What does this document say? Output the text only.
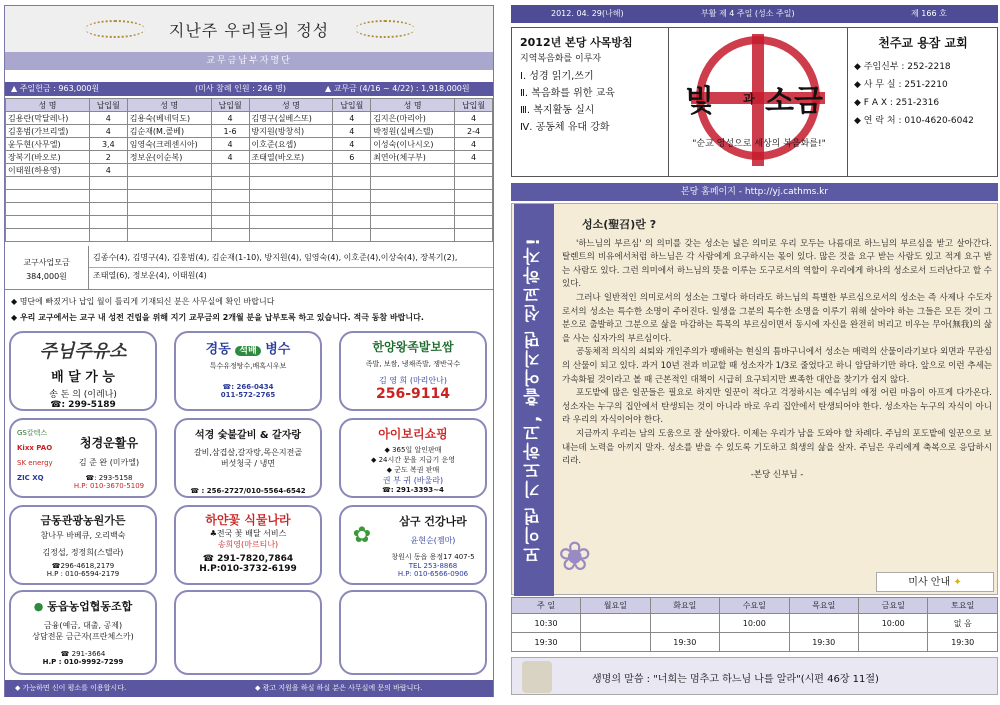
지난주 우리들의 정성
교무금납부자명단
▲ 주일헌금 : 963,000원	(미사 참례 인원 : 246 명)	▲ 교무금 (4/16 ~ 4/22) : 1,918,000원
성 명	납입월	성 명	납입월	성 명	납입월	성 명	납입월
김용란(막달레나)	4	김용숙(베네딕도)	4	김명구(실베스또)	4	김지은(마리아)	4
김홍범(가브리엘)	4	김순재(M.콜베)	1-6	방지원(방창석)	4	박정원(실베스텔)	2-4
윤두현(사무엘)	3,4	임영숙(크레센시아)	4	이호준(요셉)	4	이성숙(이나시오)	4
장복기(바오로)	2	정보운(이순복)	4	조태열(바오로)	6	최연아(체구부)	4
이태원(하용영)	4						

교구사업모금
384,000원
김종수(4), 김명구(4), 김홍범(4), 김순재(1-10), 방지원(4), 임영숙(4), 이호준(4),이상숙(4), 장복기(2),
조태열(6), 정보운(4), 이태원(4)
◆ 명단에 빠졌거나 납입 월이 틀리게 기재되신 분은 사무실에 확인 바랍니다
◆ 우리 교구에서는 교구 내 성전 건립을 위해 지기 교무금의 2개월 분을 납부토록 하고 있습니다. 적극 동참 바랍니다.
주님주유소
배 달 가 능
송 돈 의 (이레나)
☎: 299-5189
경동 석배 병수
특수유정탕수,배혹시우보
☎: 266-0434
011-572-2765
한양왕족발보쌈
족발, 보쌈, 냉채족발, 쟁반국수
김 영 희 (마리안나)
256-9114
GS칼텍스
Kixx PAO
SK energy
ZIC XQ
청경운활유
김 준 완 (미카엘)
☎: 293-5158
H.P: 010-3670-5109
석경 숯불갈비 & 갈자랑
갈비,삼겹살,갈자랑,목은지전골
버섯청국 / 냉면
☎ : 256-2727/010-5564-6542
아이보리쇼핑
◆ 365일 알인판매
◆ 24시간 문을 지급기 운영
◆ 군도 복권 판매
권 부 귀 (바울라)
☎: 291-3393~4
금동관광농원가든
참나무 바베큐, 오리백숙
김정섭, 정정희(스텔라)
☎296-4618,2179
H.P : 010-6594-2179
하얀꽃 식물나라
♣전국 꽃 배달 서비스
송희영(마르티나)
☎ 291-7820,7864
H.P:010-3732-6199
✿
삼구 건강나라
윤현순(젬마)
창원시 동읍 용정17 407-5
TEL 253-8868
H.P: 010-6566-0906
● 동읍농업협동조합
금융(예금, 대출, 공제)
상담전문 금근자(프란체스카)
☎ 291-3664
H.P : 010-9992-7299
◆ 가능하면 신이 평소를 이용합시다.	◆ 광고 지원을 하실 하실 분은 사무실에 문의 바랍니다.
2012. 04. 29(나해)	부활 제 4 주일 (성소 주일)	제 166 호
2012년 본당 사목방침
지역복음화를 이루자
Ⅰ. 성경 읽기,쓰기
Ⅱ. 복음화를 위한 교육
Ⅲ. 복지활동 실시
Ⅳ. 공동체 유대 강화
빛 과 소금
"순교 영성으로 세상의 복음화를!"
천주교 용잠 교회
◆ 주임신부 : 252-2218
◆ 사 무 실 : 251-2210
◆ F A X : 251-2316
◆ 연 락 처 : 010-4620-6042
본당 홈페이지 - http://yj.cathms.kr
모이면 기도하고, 흩어지면 선교하자! ❀
성소(聖召)란 ?

'하느님의 부르심' 의 의미를 갖는 성소는 넓은 의미로 우리 모두는 나름대로 하느님의 부르심을 받고 살아간다. 탈렌트의 비유에서처럼 하느님은 각 사람에게 요구하시는 몫이 있다. 많은 것을 요구 받는 사람도 있고 적게 요구 받는 사람도 있다. 그런 의미에서 하느님의 뜻을 이루는 도구로서의 역할이 우리에게 하나의 성소로서 드러난다고 할 수 있다.

그러나 일반적인 의미로서의 성소는 그렇다 하더라도 하느님의 특별한 부르심으로서의 성소는 즉 사제나 수도자로서의 성소는 특수한 소명이 주어진다. 일생을 그분의 특수한 소명을 이루기 위해 살아야 하는 그들은 모든 것이 그분으로 출발하고 그분으로 삶을 마감하는 특목의 부르심이면서 동시에 자신을 완전히 버리고 비우는 무아(無我)의 삶을 사는 십자가의 부르심이다.

공동체적 의식의 쇠퇴와 개인주의가 팽배하는 현실의 틈바구니에서 성소는 매력의 산물이라기보다 외면과 무관심의 산물이 되고 있다. 과거 10년 전과 비교할 때 성소자가 1/3로 줄었다고 하니 암담하기만 하다. 앞으로 이런 추세는 가속화될 것이라고 볼 때 근본적인 대책이 시급히 요구되지만 뾰족한 대안을 찾기가 쉽지 않다.

포도밭에 많은 일꾼들은 필요로 하지만 일꾼이 적다고 걱정하시는 예수님의 애정 어린 마음이 아프게 다가온다. 성소자는 누구의 집안에서 탄생되는 것이 아니라 바로 우리 집안에서 탄생되어야 한다. 성소자는 누구의 자식이 아니라 우리의 자식이어야 한다.

지금까지 우리는 남의 도움으로 잘 살아왔다. 이제는 우리가 남을 도와야 할 차례다. 주님의 포도밭에 일꾼으로 보내는데 노력을 아끼지 말자. 성소를 받을 수 있도록 기도하고 희생의 삶을 살자. 주님은 우리에게 축복으로 응답하시리라.

-본당 신부님 -
미사 안내 ✦
주 일	월요일	화요일	수요일	목요일	금요일	토요일
10:30			10:00		10:00	없 음
19:30		19:30		19:30		19:30
생명의 말씀 : "너희는 멈추고 하느님 나를 알라"(시편 46장 11절)
